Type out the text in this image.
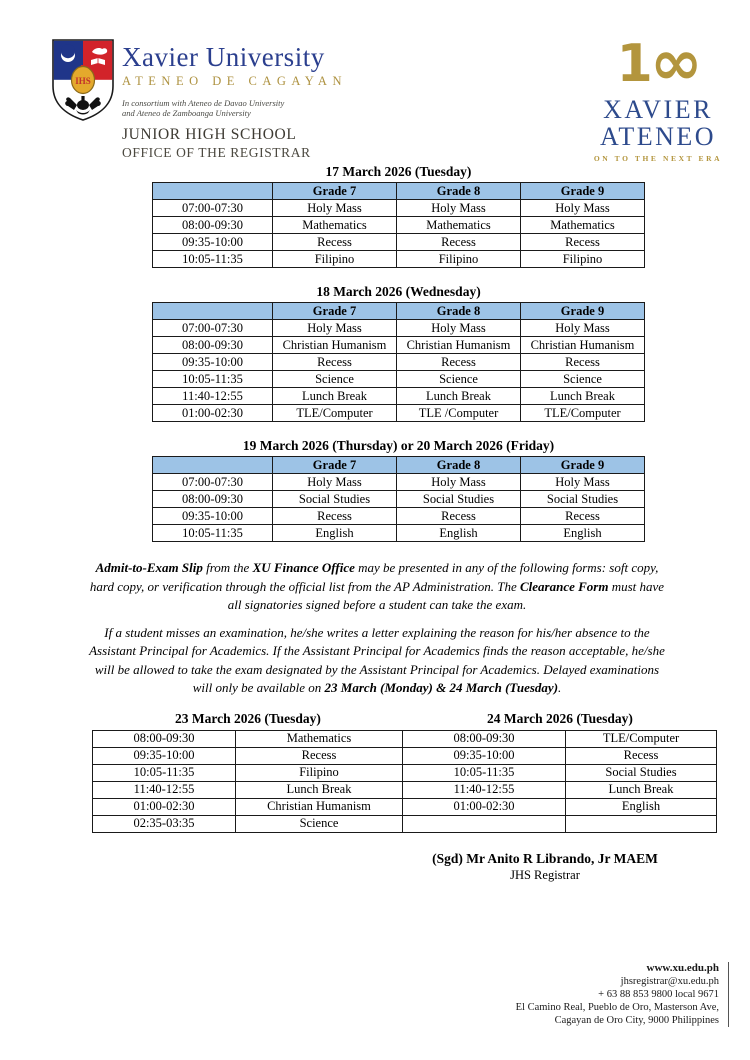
IHS
Xavier University
ATENEO DE CAGAYAN
In consortium with Ateneo de Davao University
and Ateneo de Zamboanga University
JUNIOR HIGH SCHOOL
OFFICE OF THE REGISTRAR
1∞
XAVIER
ATENEO
ON TO THE NEXT ERA
17 March 2026 (Tuesday)
	Grade 7	Grade 8	Grade 9
07:00-07:30	Holy Mass	Holy Mass	Holy Mass
08:00-09:30	Mathematics	Mathematics	Mathematics
09:35-10:00	Recess	Recess	Recess
10:05-11:35	Filipino	Filipino	Filipino
18 March 2026 (Wednesday)
	Grade 7	Grade 8	Grade 9
07:00-07:30	Holy Mass	Holy Mass	Holy Mass
08:00-09:30	Christian Humanism	Christian Humanism	Christian Humanism
09:35-10:00	Recess	Recess	Recess
10:05-11:35	Science	Science	Science
11:40-12:55	Lunch Break	Lunch Break	Lunch Break
01:00-02:30	TLE/Computer	TLE /Computer	TLE/Computer
19 March 2026 (Thursday) or 20 March 2026 (Friday)
	Grade 7	Grade 8	Grade 9
07:00-07:30	Holy Mass	Holy Mass	Holy Mass
08:00-09:30	Social Studies	Social Studies	Social Studies
09:35-10:00	Recess	Recess	Recess
10:05-11:35	English	English	English

Admit-to-Exam Slip from the XU Finance Office may be presented in any of the following forms: soft copy, hard copy, or verification through the official list from the AP Administration. The Clearance Form must have all signatories signed before a student can take the exam.

If a student misses an examination, he/she writes a letter explaining the reason for his/her absence to the Assistant Principal for Academics. If the Assistant Principal for Academics finds the reason acceptable, he/she will be allowed to take the exam designated by the Assistant Principal for Academics. Delayed examinations will only be available on 23 March (Monday) & 24 March (Tuesday).

23 March 2026 (Tuesday)	24 March 2026 (Tuesday)
08:00-09:30	Mathematics	08:00-09:30	TLE/Computer
09:35-10:00	Recess	09:35-10:00	Recess
10:05-11:35	Filipino	10:05-11:35	Social Studies
11:40-12:55	Lunch Break	11:40-12:55	Lunch Break
01:00-02:30	Christian Humanism	01:00-02:30	English
02:35-03:35	Science		
(Sgd) Mr Anito R Librando, Jr MAEM
JHS Registrar
www.xu.edu.ph
jhsregistrar@xu.edu.ph
+ 63 88 853 9800 local 9671
El Camino Real, Pueblo de Oro, Masterson Ave,
Cagayan de Oro City, 9000 Philippines
